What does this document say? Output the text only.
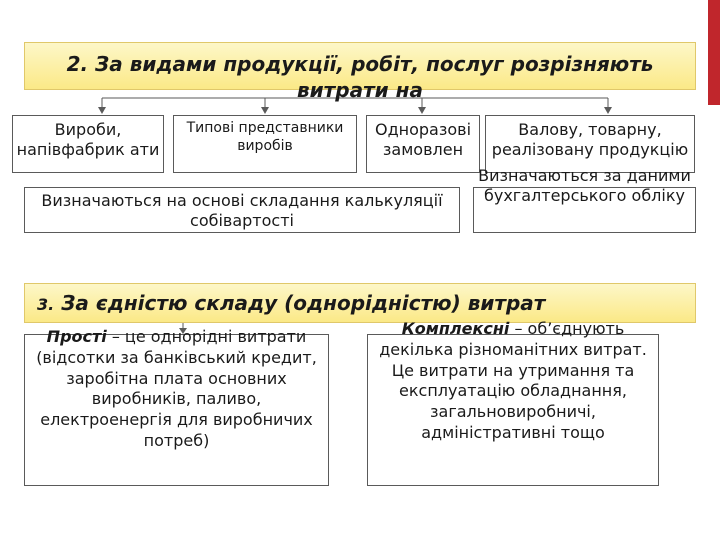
2. За видами продукції, робіт, послуг розрізняють витрати на
Вироби, напівфабрик ати
Типові представники виробів
Одноразові замовлен
Валову, товарну, реалізовану продукцію
Визначаються на основі складання калькуляції собівартості
Визначаються за даними бухгалтерського обліку
3. За єдністю складу (однорідністю) витрат
Прості – це однорідні витрати (відсотки за банківський кредит, заробітна плата основних виробників, паливо, електроенергія для виробничих потреб)
Комплексні – об’єднують декілька різноманітних витрат. Це витрати на утримання та експлуатацію обладнання, загальновиробничі, адміністративні тощо
